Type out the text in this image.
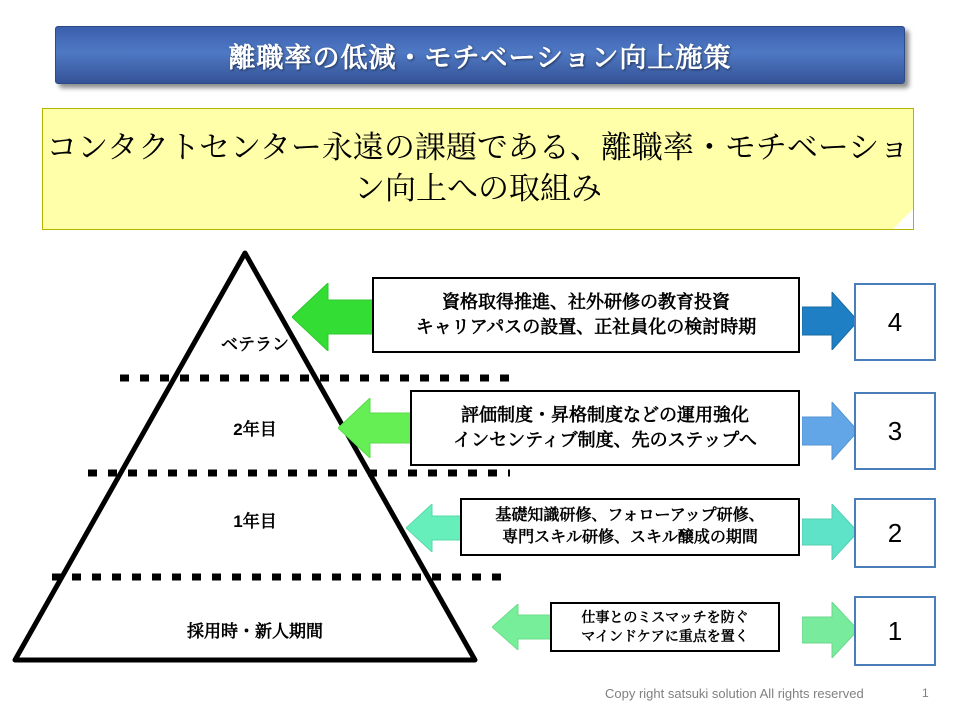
離職率の低減・モチベーション向上施策
コンタクトセンター永遠の課題である、離職率・モチベーション向上への取組み
ベテラン
2年目
1年目
採用時・新人期間
資格取得推進、社外研修の教育投資
キャリアパスの設置、正社員化の検討時期
評価制度・昇格制度などの運用強化
インセンティブ制度、先のステップへ
基礎知識研修、フォローアップ研修、
専門スキル研修、スキル醸成の期間
仕事とのミスマッチを防ぐ
マインドケアに重点を置く
4
3
2
1
Copy right satsuki solution All rights reserved	1
